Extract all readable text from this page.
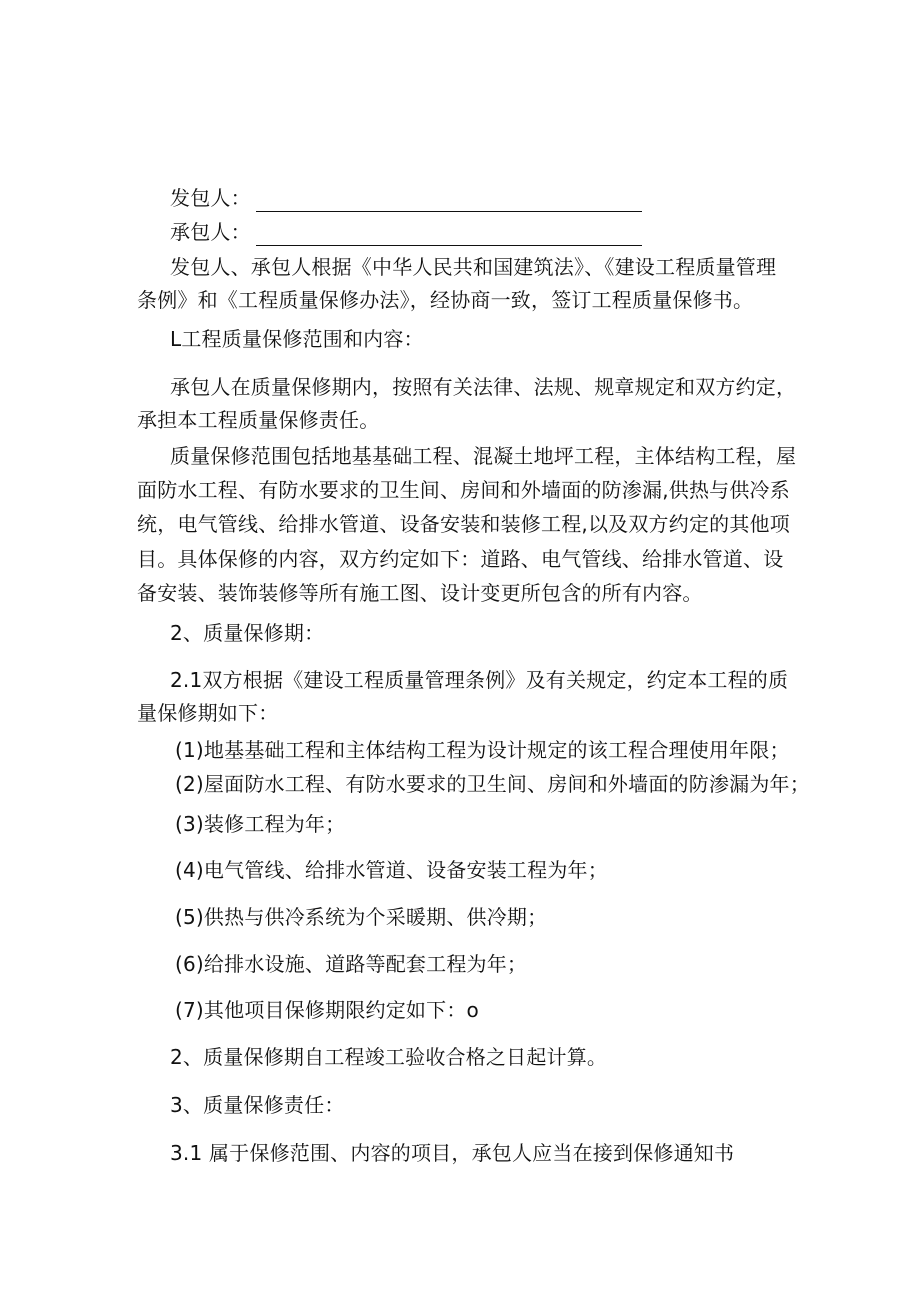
发包人：
承包人：
发包人、承包人根据《中华人民共和国建筑法》、《建设工程质量管理
条例》和《工程质量保修办法》，经协商一致，签订工程质量保修书。
L工程质量保修范围和内容：
承包人在质量保修期内，按照有关法律、法规、规章规定和双方约定，
承担本工程质量保修责任。
质量保修范围包括地基基础工程、混凝土地坪工程，主体结构工程，屋
面防水工程、有防水要求的卫生间、房间和外墙面的防渗漏,供热与供冷系
统，电气管线、给排水管道、设备安装和装修工程,以及双方约定的其他项
目。具体保修的内容，双方约定如下：道路、电气管线、给排水管道、设
备安装、装饰装修等所有施工图、设计变更所包含的所有内容。
2、质量保修期：
2.1双方根据《建设工程质量管理条例》及有关规定，约定本工程的质
量保修期如下：
(1)地基基础工程和主体结构工程为设计规定的该工程合理使用年限；
(2)屋面防水工程、有防水要求的卫生间、房间和外墙面的防渗漏为年；
(3)装修工程为年；
(4)电气管线、给排水管道、设备安装工程为年；
(5)供热与供冷系统为个采暖期、供冷期；
(6)给排水设施、道路等配套工程为年；
(7)其他项目保修期限约定如下：o
2、质量保修期自工程竣工验收合格之日起计算。
3、质量保修责任：
3.1 属于保修范围、内容的项目，承包人应当在接到保修通知书
